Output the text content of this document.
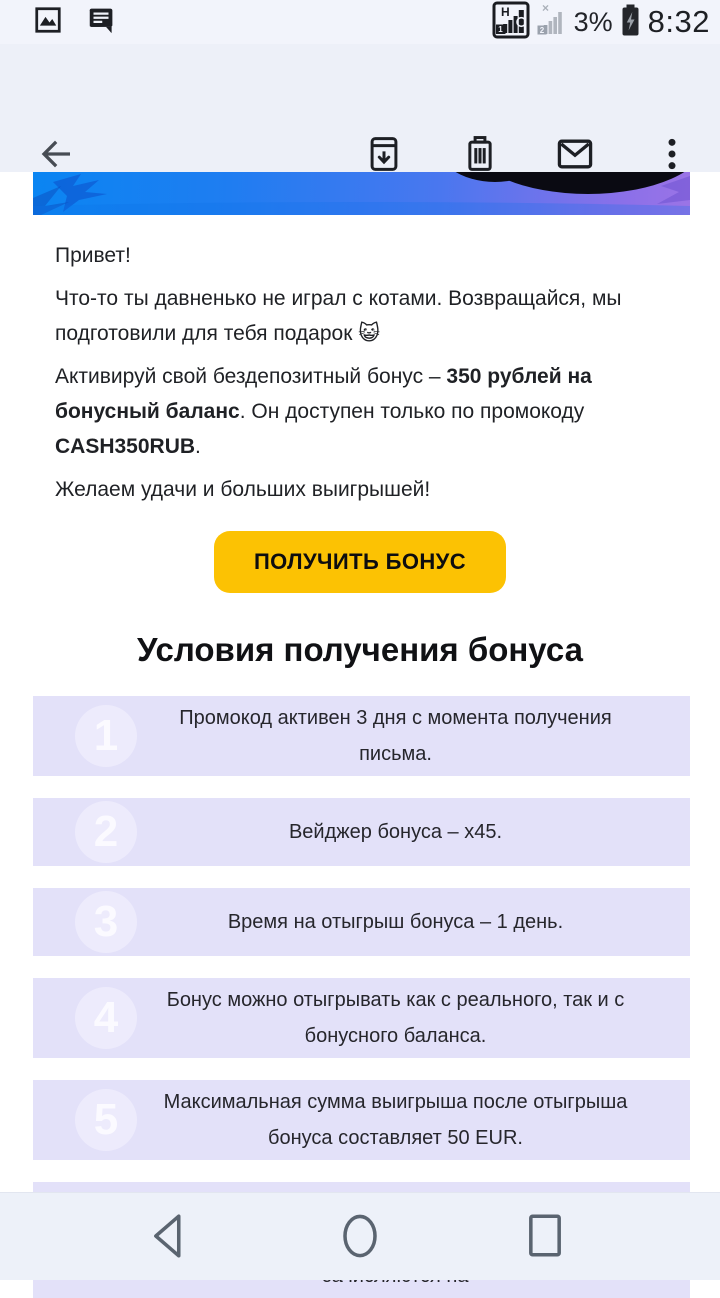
H
1
×
2 3% 8:32

Привет!

Что-то ты давненько не играл с котами. Возвращайся, мы подготовили для тебя подарок 😺

Активируй свой бездепозитный бонус – 350 рублей на бонусный баланс. Он доступен только по промокоду CASH350RUB.

Желаем удачи и больших выигрышей!

ПОЛУЧИТЬ БОНУС
Условия получения бонуса
1	Промокод активен 3 дня с момента получения письма.
2	Вейджер бонуса – x45.
3	Время на отыгрыш бонуса – 1 день.
4	Бонус можно отыгрывать как с реального, так и с бонусного баланса.
5	Максимальная сумма выигрыша после отыгрыша бонуса составляет 50 EUR.
